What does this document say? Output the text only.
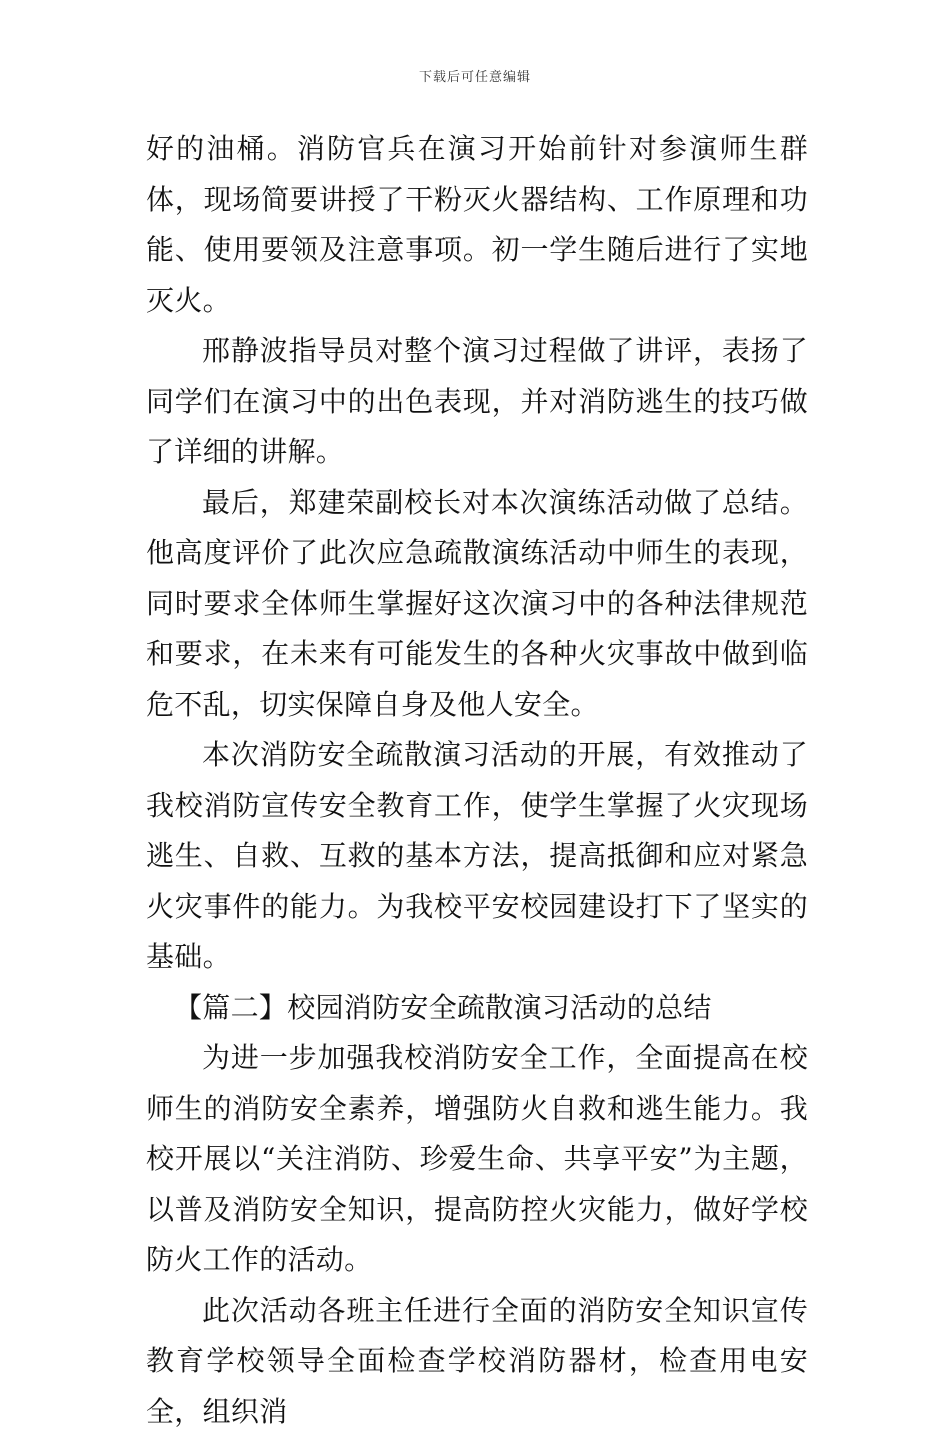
下载后可任意编辑

好的油桶。消防官兵在演习开始前针对参演师生群体，现场简要讲授了干粉灭火器结构、工作原理和功能、使用要领及注意事项。初一学生随后进行了实地灭火。

邢静波指导员对整个演习过程做了讲评，表扬了同学们在演习中的出色表现，并对消防逃生的技巧做了详细的讲解。

最后，郑建荣副校长对本次演练活动做了总结。他高度评价了此次应急疏散演练活动中师生的表现，同时要求全体师生掌握好这次演习中的各种法律规范和要求，在未来有可能发生的各种火灾事故中做到临危不乱，切实保障自身及他人安全。

本次消防安全疏散演习活动的开展，有效推动了我校消防宣传安全教育工作，使学生掌握了火灾现场逃生、自救、互救的基本方法，提高抵御和应对紧急火灾事件的能力。为我校平安校园建设打下了坚实的基础。

【篇二】校园消防安全疏散演习活动的总结

为进一步加强我校消防安全工作，全面提高在校师生的消防安全素养，增强防火自救和逃生能力。我校开展以“关注消防、珍爱生命、共享平安”为主题，以普及消防安全知识，提高防控火灾能力，做好学校防火工作的活动。

此次活动各班主任进行全面的消防安全知识宣传教育学校领导全面检查学校消防器材，检查用电安全，组织消
